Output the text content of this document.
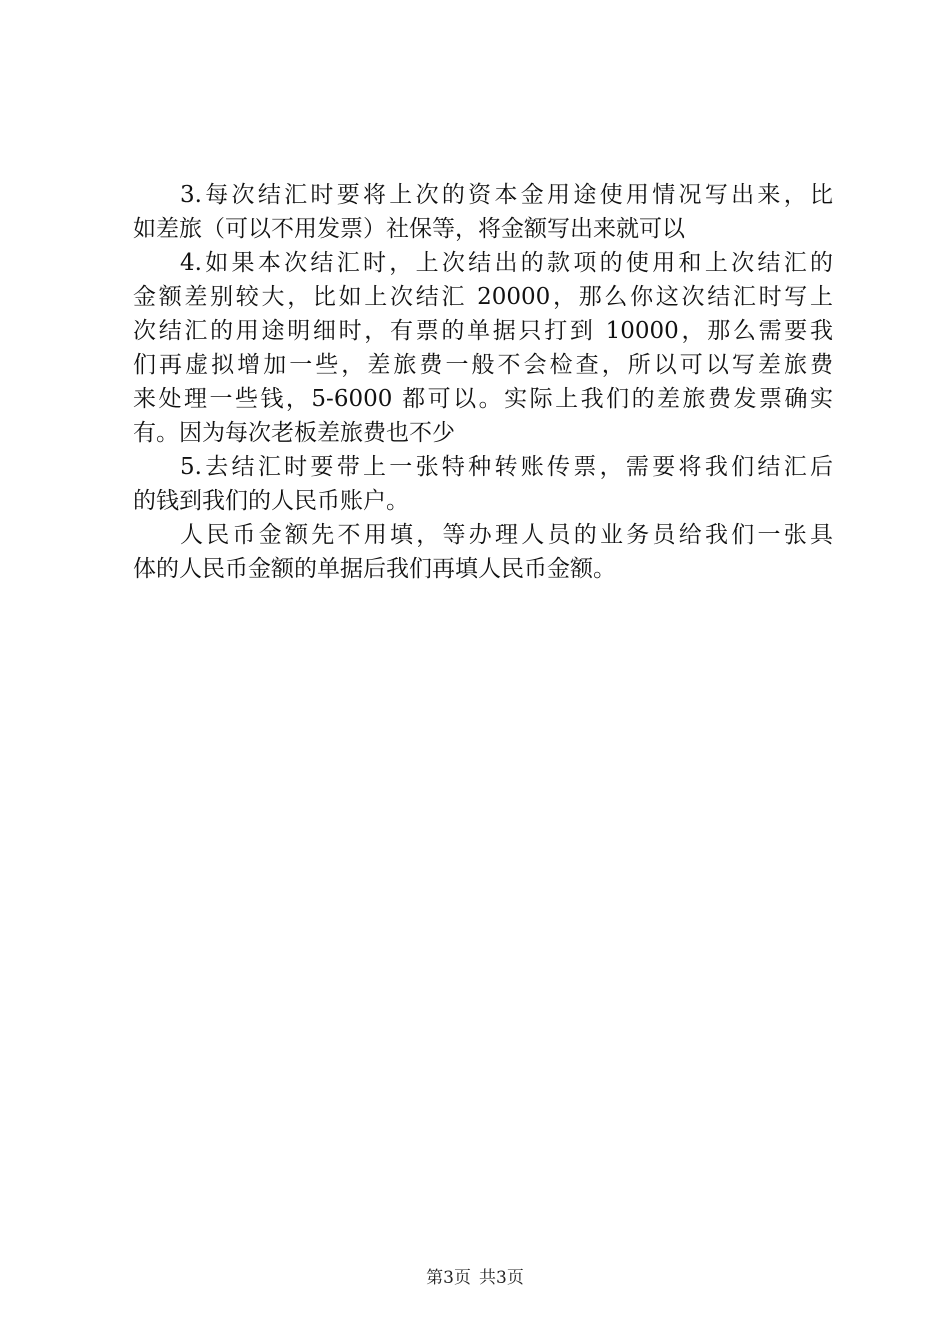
3.每次结汇时要将上次的资本金用途使用情况写出来，比
如差旅（可以不用发票）社保等，将金额写出来就可以
4.如果本次结汇时，上次结出的款项的使用和上次结汇的
金额差别较大，比如上次结汇 20000，那么你这次结汇时写上
次结汇的用途明细时，有票的单据只打到 10000，那么需要我
们再虚拟增加一些，差旅费一般不会检查，所以可以写差旅费
来处理一些钱，5-6000 都可以。实际上我们的差旅费发票确实
有。因为每次老板差旅费也不少
5.去结汇时要带上一张特种转账传票，需要将我们结汇后
的钱到我们的人民币账户。
人民币金额先不用填，等办理人员的业务员给我们一张具
体的人民币金额的单据后我们再填人民币金额。
第3页 共3页
